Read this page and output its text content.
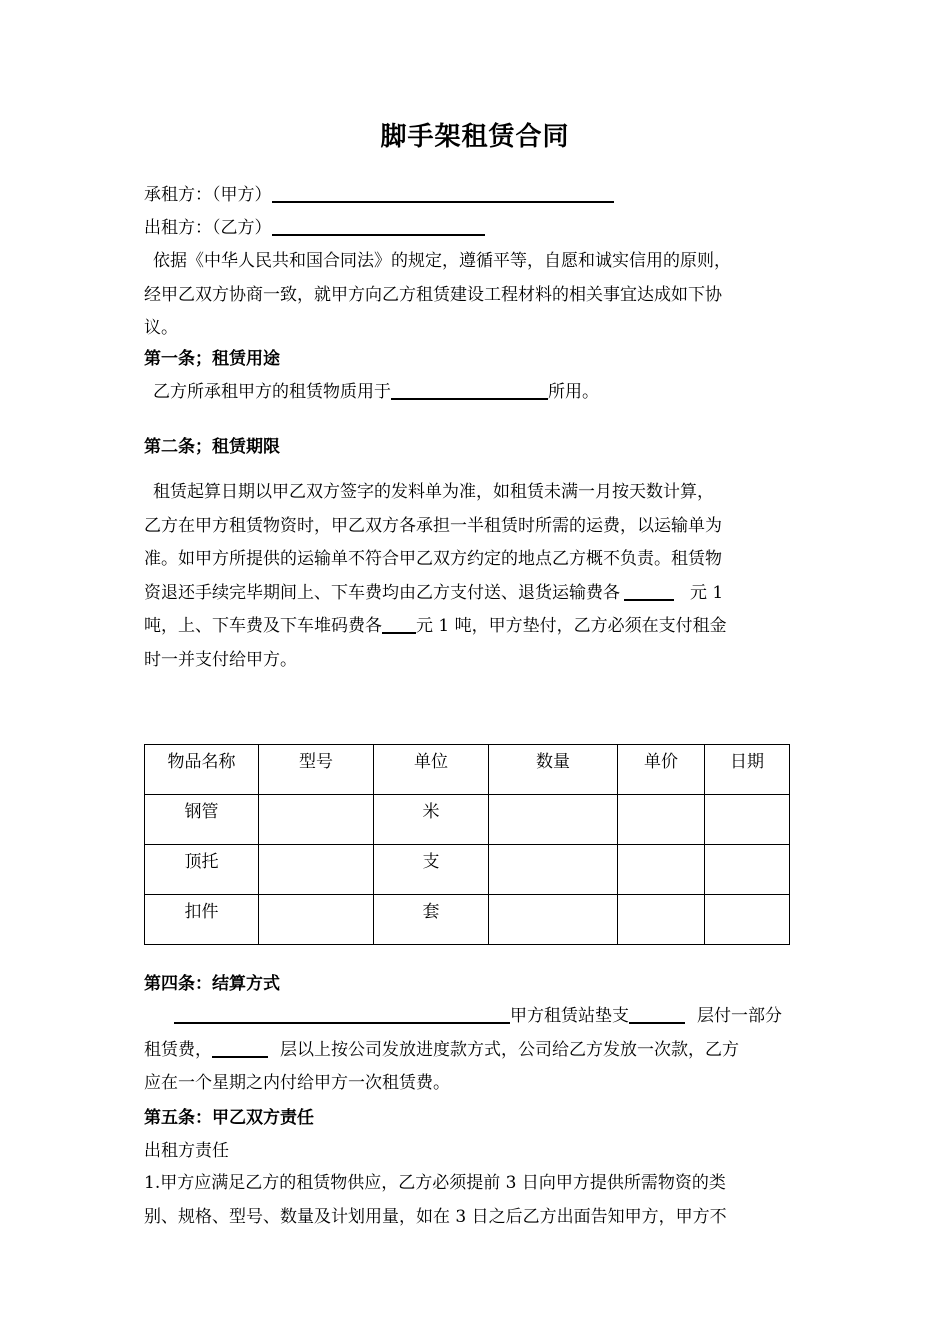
脚手架租赁合同
承租方：（甲方）
出租方：（乙方）
依据《中华人民共和国合同法》的规定，遵循平等，自愿和诚实信用的原则，
经甲乙双方协商一致，就甲方向乙方租赁建设工程材料的相关事宜达成如下协
议。
第一条；租赁用途
乙方所承租甲方的租赁物质用于	所用。
第二条；租赁期限
租赁起算日期以甲乙双方签字的发料单为准，如租赁未满一月按天数计算，
乙方在甲方租赁物资时，甲乙双方各承担一半租赁时所需的运费，以运输单为
准。如甲方所提供的运输单不符合甲乙双方约定的地点乙方概不负责。租赁物
资退还手续完毕期间上、下车费均由乙方支付送、退货运输费各	元 1
吨，上、下车费及下车堆码费各 元 1 吨，甲方垫付，乙方必须在支付租金
时一并支付给甲方。
物品名称	型号	单位	数量	单价	日期
钢管		米			
顶托		支			
扣件		套			
第四条：结算方式
甲方租赁站垫支	层付一部分
租赁费，	层以上按公司发放进度款方式，公司给乙方发放一次款，乙方
应在一个星期之内付给甲方一次租赁费。
第五条：甲乙双方责任
出租方责任
1.甲方应满足乙方的租赁物供应，乙方必须提前 3 日向甲方提供所需物资的类
别、规格、型号、数量及计划用量，如在 3 日之后乙方出面告知甲方，甲方不
